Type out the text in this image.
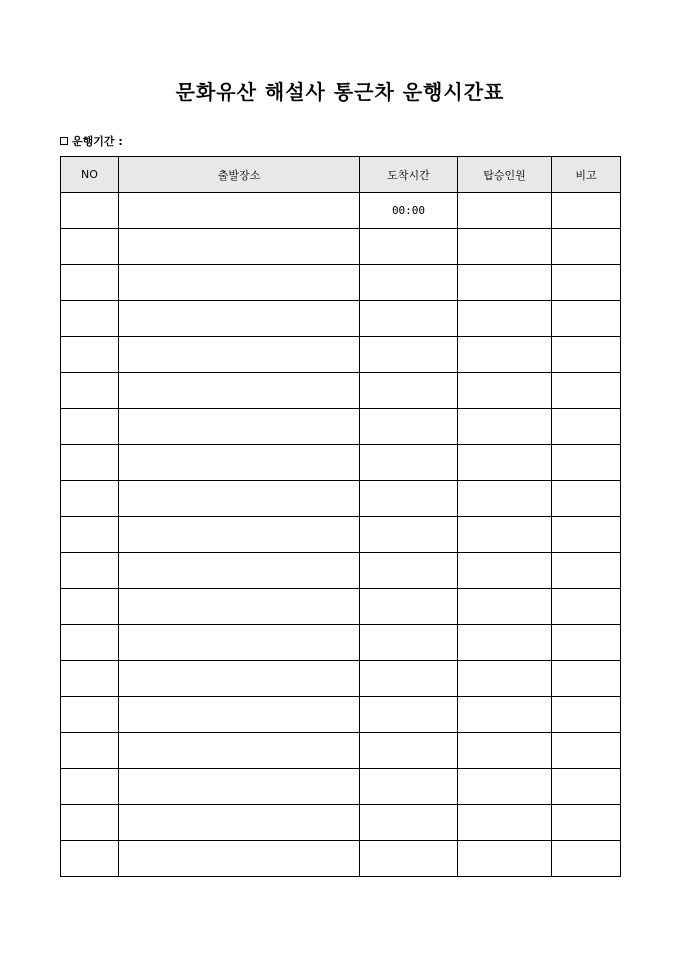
문화유산 해설사 통근차 운행시간표
운행기간 :
NO	출발장소	도착시간	탑승인원	비고
		00:00		
